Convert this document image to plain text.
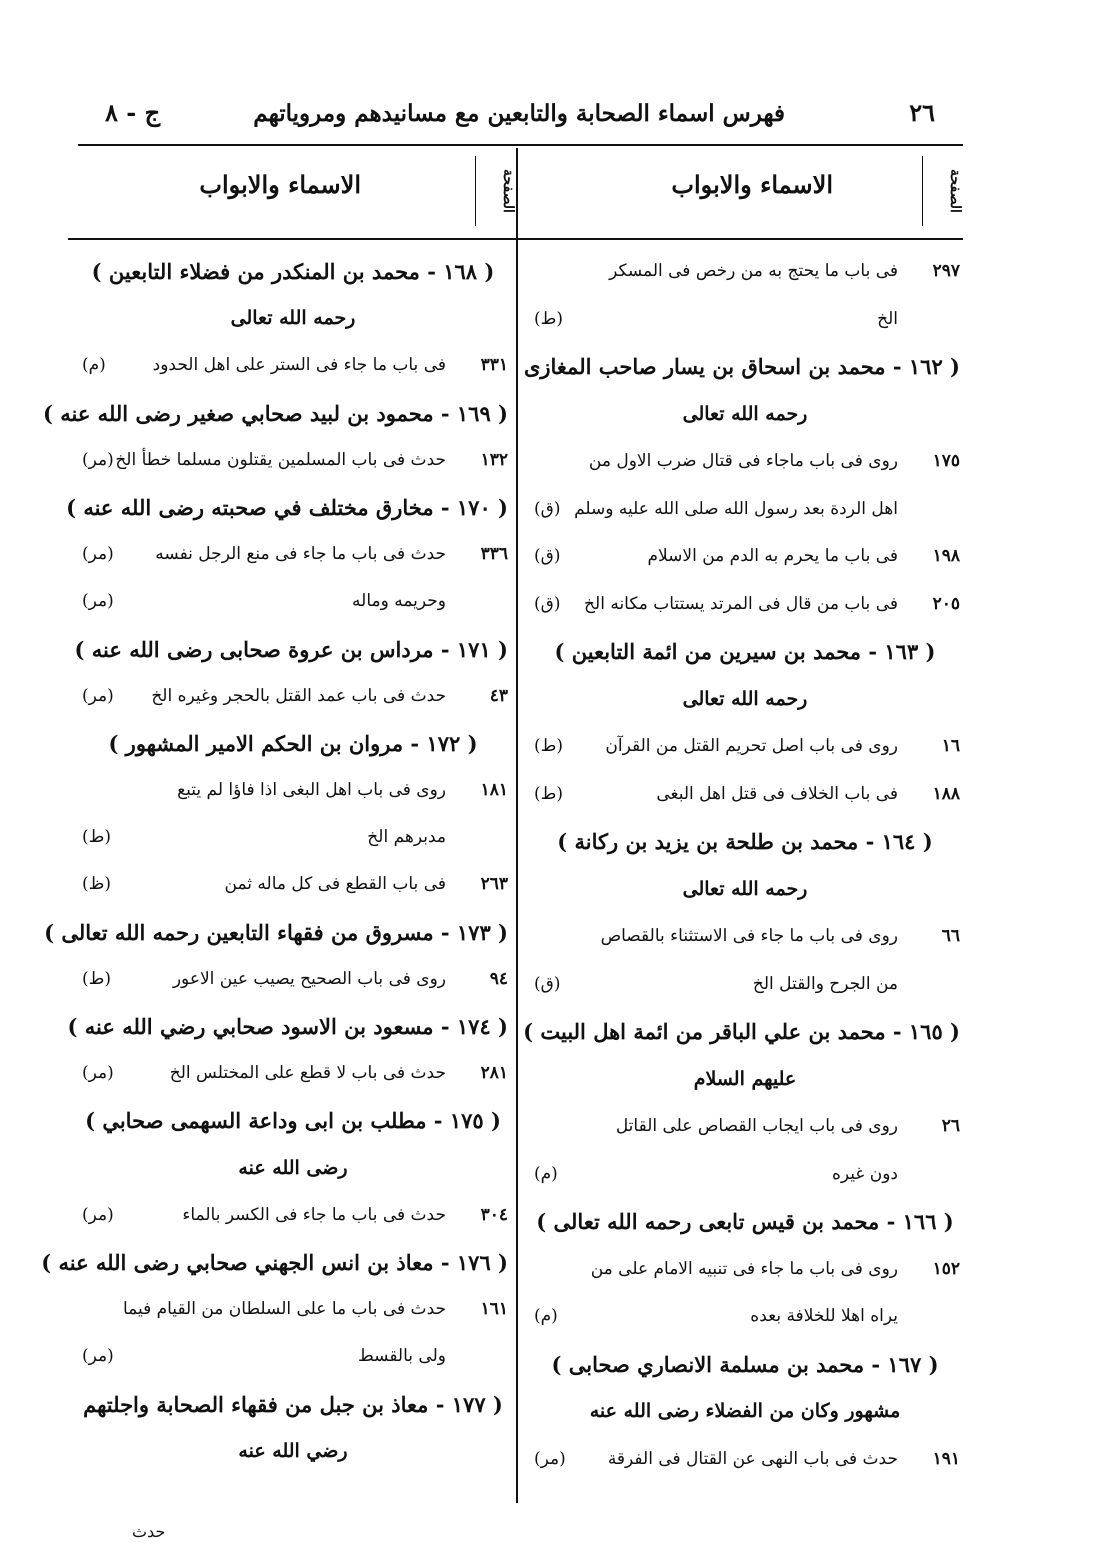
٢٦
فهرس اسماء الصحابة والتابعين مع مسانيدهم ومروياتهم
ج - ٨
الصفحة
الاسماء والابواب
الصفحة
الاسماء والابواب
٢٩٧
فى باب ما يحتج به من رخص فى المسكر
الخ
(ط)
( ١٦٢ - محمد بن اسحاق بن يسار صاحب المغازى
رحمه الله تعالى
١٧٥
روى فى باب ماجاء فى قتال ضرب الاول من
اهل الردة بعد رسول الله صلى الله عليه وسلم
(ق)
١٩٨
فى باب ما يحرم به الدم من الاسلام
(ق)
٢٠٥
فى باب من قال فى المرتد يستتاب مكانه الخ
(ق)
( ١٦٣ - محمد بن سيرين من ائمة التابعين )
رحمه الله تعالى
١٦
روى فى باب اصل تحريم القتل من القرآن
(ط)
١٨٨
فى باب الخلاف فى قتل اهل البغى
(ط)
( ١٦٤ - محمد بن طلحة بن يزيد بن ركانة )
رحمه الله تعالى
٦٦
روى فى باب ما جاء فى الاستثناء بالقصاص
من الجرح والقتل الخ
(ق)
( ١٦٥ - محمد بن علي الباقر من ائمة اهل البيت )
عليهم السلام
٢٦
روى فى باب ايجاب القصاص على القاتل
دون غيره
(م)
( ١٦٦ - محمد بن قيس تابعى رحمه الله تعالى )
١٥٢
روى فى باب ما جاء فى تنبيه الامام على من
يراه اهلا للخلافة بعده
(م)
( ١٦٧ - محمد بن مسلمة الانصاري صحابى )
مشهور وكان من الفضلاء رضى الله عنه
١٩١
حدث فى باب النهى عن القتال فى الفرقة
(مر)
( ١٦٨ - محمد بن المنكدر من فضلاء التابعين )
رحمه الله تعالى
٣٣١
فى باب ما جاء فى الستر على اهل الحدود
(م)
( ١٦٩ - محمود بن لبيد صحابي صغير رضى الله عنه )
١٣٢
حدث فى باب المسلمين يقتلون مسلما خطأ الخ
(مر)
( ١٧٠ - مخارق مختلف في صحبته رضى الله عنه )
٣٣٦
حدث فى باب ما جاء فى منع الرجل نفسه
(مر)
وحريمه وماله
(مر)
( ١٧١ - مرداس بن عروة صحابى رضى الله عنه )
٤٣
حدث فى باب عمد القتل بالحجر وغيره الخ
(مر)
( ١٧٢ - مروان بن الحكم الامير المشهور )
١٨١
روى فى باب اهل البغى اذا فاؤا لم يتبع
مدبرهم الخ
(ط)
٢٦٣
فى باب القطع فى كل ماله ثمن
(ظ)
( ١٧٣ - مسروق من فقهاء التابعين رحمه الله تعالى )
٩٤
روى فى باب الصحيح يصيب عين الاعور
(ط)
( ١٧٤ - مسعود بن الاسود صحابي رضي الله عنه )
٢٨١
حدث فى باب لا قطع على المختلس الخ
(مر)
( ١٧٥ - مطلب بن ابى وداعة السهمى صحابي )
رضى الله عنه
٣٠٤
حدث فى باب ما جاء فى الكسر بالماء
(مر)
( ١٧٦ - معاذ بن انس الجهني صحابي رضى الله عنه )
١٦١
حدث فى باب ما على السلطان من القيام فيما
ولى بالقسط
(مر)
( ١٧٧ - معاذ بن جبل من فقهاء الصحابة واجلتهم
رضي الله عنه
حدث
